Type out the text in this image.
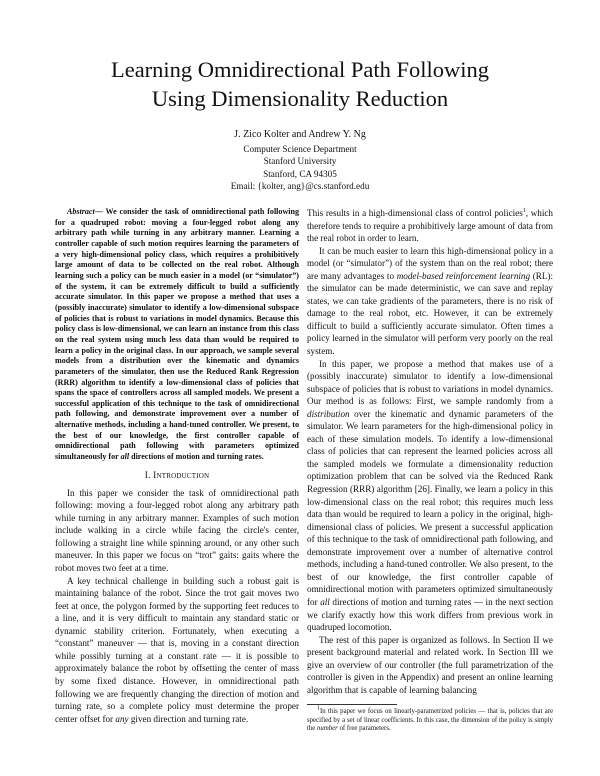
Learning Omnidirectional Path Following
Using Dimensionality Reduction
J. Zico Kolter and Andrew Y. Ng
Computer Science Department
Stanford University
Stanford, CA 94305
Email: {kolter, ang}@cs.stanford.edu

Abstract— We consider the task of omnidirectional path following for a quadruped robot: moving a four-legged robot along any arbitrary path while turning in any arbitrary manner. Learning a controller capable of such motion requires learning the parameters of a very high-dimensional policy class, which requires a prohibitively large amount of data to be collected on the real robot. Although learning such a policy can be much easier in a model (or “simulator”) of the system, it can be extremely difficult to build a sufficiently accurate simulator. In this paper we propose a method that uses a (possibly inaccurate) simulator to identify a low-dimensional subspace of policies that is robust to variations in model dynamics. Because this policy class is low-dimensional, we can learn an instance from this class on the real system using much less data than would be required to learn a policy in the original class. In our approach, we sample several models from a distribution over the kinematic and dynamics parameters of the simulator, then use the Reduced Rank Regression (RRR) algorithm to identify a low-dimensional class of policies that spans the space of controllers across all sampled models. We present a successful application of this technique to the task of omnidirectional path following, and demonstrate improvement over a number of alternative methods, including a hand-tuned controller. We present, to the best of our knowledge, the first controller capable of omnidirectional path following with parameters optimized simultaneously for all directions of motion and turning rates.

I. Introduction

In this paper we consider the task of omnidirectional path following: moving a four-legged robot along any arbitrary path while turning in any arbitrary manner. Examples of such motion include walking in a circle while facing the circle's center, following a straight line while spinning around, or any other such maneuver. In this paper we focus on “trot” gaits: gaits where the robot moves two feet at a time.

A key technical challenge in building such a robust gait is maintaining balance of the robot. Since the trot gait moves two feet at once, the polygon formed by the supporting feet reduces to a line, and it is very difficult to maintain any standard static or dynamic stability criterion. Fortunately, when executing a “constant” maneuver — that is, moving in a constant direction while possibly turning at a constant rate — it is possible to approximately balance the robot by offsetting the center of mass by some fixed distance. However, in omnidirectional path following we are frequently changing the direction of motion and turning rate, so a complete policy must determine the proper center offset for any given direction and turning rate.

This results in a high-dimensional class of control policies$^1$, which therefore tends to require a prohibitively large amount of data from the real robot in order to learn.

It can be much easier to learn this high-dimensional policy in a model (or “simulator”) of the system than on the real robot; there are many advantages to model-based reinforcement learning (RL): the simulator can be made deterministic, we can save and replay states, we can take gradients of the parameters, there is no risk of damage to the real robot, etc. However, it can be extremely difficult to build a sufficiently accurate simulator. Often times a policy learned in the simulator will perform very poorly on the real system.

In this paper, we propose a method that makes use of a (possibly inaccurate) simulator to identify a low-dimensional subspace of policies that is robust to variations in model dynamics. Our method is as follows: First, we sample randomly from a distribution over the kinematic and dynamic parameters of the simulator. We learn parameters for the high-dimensional policy in each of these simulation models. To identify a low-dimensional class of policies that can represent the learned policies across all the sampled models we formulate a dimensionality reduction optimization problem that can be solved via the Reduced Rank Regression (RRR) algorithm [26]. Finally, we learn a policy in this low-dimensional class on the real robot; this requires much less data than would be required to learn a policy in the original, high-dimensional class of policies. We present a successful application of this technique to the task of omnidirectional path following, and demonstrate improvement over a number of alternative control methods, including a hand-tuned controller. We also present, to the best of our knowledge, the first controller capable of omnidirectional motion with parameters optimized simultaneously for all directions of motion and turning rates — in the next section we clarify exactly how this work differs from previous work in quadruped locomotion.

The rest of this paper is organized as follows. In Section II we present background material and related work. In Section III we give an overview of our controller (the full parametrization of the controller is given in the Appendix) and present an online learning algorithm that is capable of learning balancing

$^1$In this paper we focus on linearly-parametrized policies — that is, policies that are specified by a set of linear coefficients. In this case, the dimension of the policy is simply the number of free parameters.
